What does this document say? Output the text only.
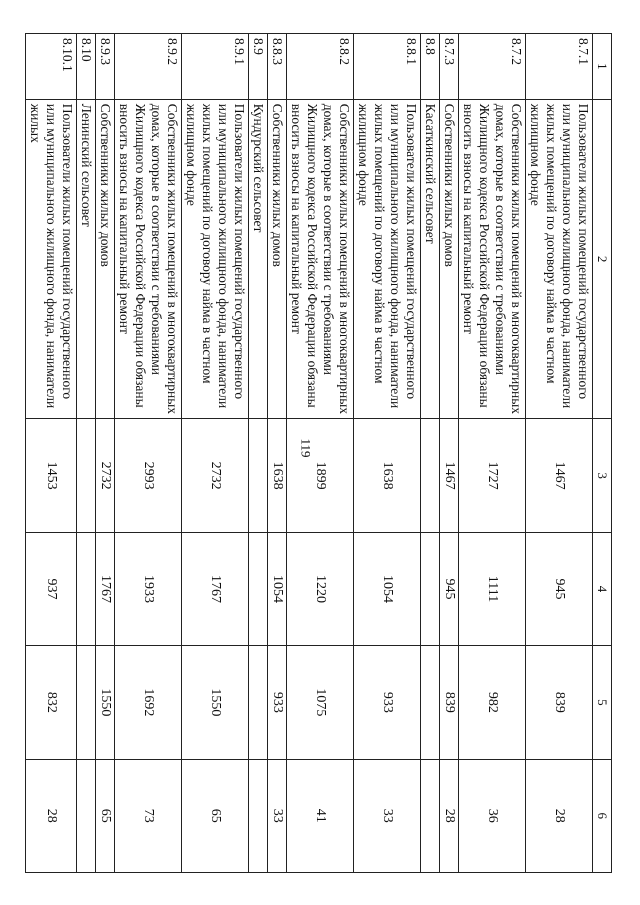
119
1	2	3	4	5	6
8.7.1	Пользователи жилых помещений государственного или муниципального жилищного фонда, наниматели жилых помещений по договору найма в частном жилищном фонде	1467	945	839	28
8.7.2	Собственники жилых помещений в многоквартирных домах, которые в соответствии с требованиями Жилищного кодекса Российской Федерации обязаны вносить взносы на капитальный ремонт	1727	1111	982	36
8.7.3	Собственники жилых домов	1467	945	839	28
8.8	Касаткинский сельсовет				
8.8.1	Пользователи жилых помещений государственного или муниципального жилищного фонда, наниматели жилых помещений по договору найма в частном жилищном фонде	1638	1054	933	33
8.8.2	Собственники жилых помещений в многоквартирных домах, которые в соответствии с требованиями Жилищного кодекса Российской Федерации обязаны вносить взносы на капитальный ремонт	1899	1220	1075	41
8.8.3	Собственники жилых домов	1638	1054	933	33
8.9	Кундурский сельсовет				
8.9.1	Пользователи жилых помещений государственного или муниципального жилищного фонда, наниматели жилых помещений по договору найма в частном жилищном фонде	2732	1767	1550	65
8.9.2	Собственники жилых помещений в многоквартирных домах, которые в соответствии с требованиями Жилищного кодекса Российской Федерации обязаны вносить взносы на капитальный ремонт	2993	1933	1692	73
8.9.3	Собственники жилых домов	2732	1767	1550	65
8.10	Ленинский сельсовет				
8.10.1	Пользователи жилых помещений государственного или муниципального жилищного фонда, наниматели жилых	1453	937	832	28
